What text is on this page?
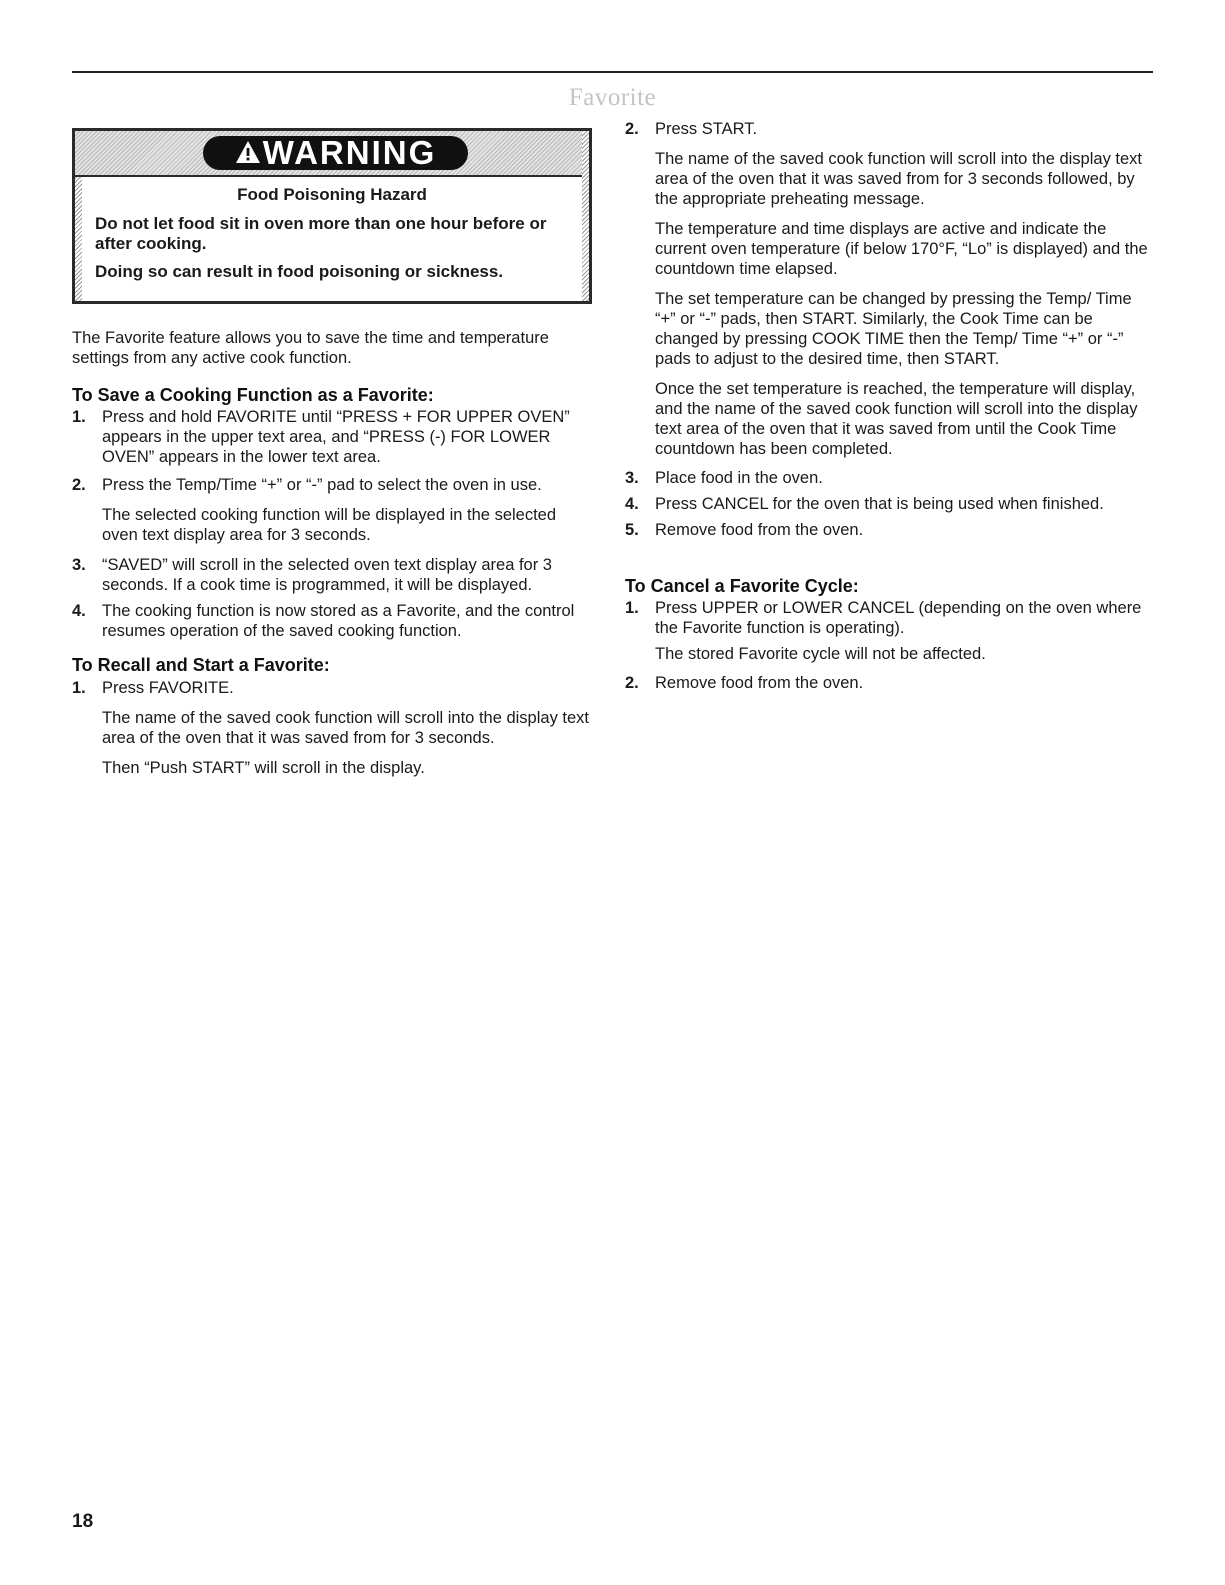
Favorite
WARNING
Food Poisoning Hazard
Do not let food sit in oven more than one hour before or after cooking.
Doing so can result in food poisoning or sickness.

The Favorite feature allows you to save the time and temperature settings from any active cook function.

To Save a Cooking Function as a Favorite:
1. Press and hold FAVORITE until “PRESS + FOR UPPER OVEN” appears in the upper text area, and “PRESS (-) FOR LOWER OVEN” appears in the lower text area.

2. Press the Temp/Time “+” or “-” pad to select the oven in use.

The selected cooking function will be displayed in the selected oven text display area for 3 seconds.

3. “SAVED” will scroll in the selected oven text display area for 3 seconds. If a cook time is programmed, it will be displayed.

4. The cooking function is now stored as a Favorite, and the control resumes operation of the saved cooking function.

To Recall and Start a Favorite:
1. Press FAVORITE.

The name of the saved cook function will scroll into the display text area of the oven that it was saved from for 3 seconds.

Then “Push START” will scroll in the display.

2. Press START.

The name of the saved cook function will scroll into the display text area of the oven that it was saved from for 3 seconds followed, by the appropriate preheating message.

The temperature and time displays are active and indicate the current oven temperature (if below 170°F, “Lo” is displayed) and the countdown time elapsed.

The set temperature can be changed by pressing the Temp/ Time “+” or “-” pads, then START. Similarly, the Cook Time can be changed by pressing COOK TIME then the Temp/ Time “+” or “-” pads to adjust to the desired time, then START.

Once the set temperature is reached, the temperature will display, and the name of the saved cook function will scroll into the display text area of the oven that it was saved from until the Cook Time countdown has been completed.

3. Place food in the oven.

4. Press CANCEL for the oven that is being used when finished.

5. Remove food from the oven.

To Cancel a Favorite Cycle:
1. Press UPPER or LOWER CANCEL (depending on the oven where the Favorite function is operating).

The stored Favorite cycle will not be affected.

2. Remove food from the oven.

18
